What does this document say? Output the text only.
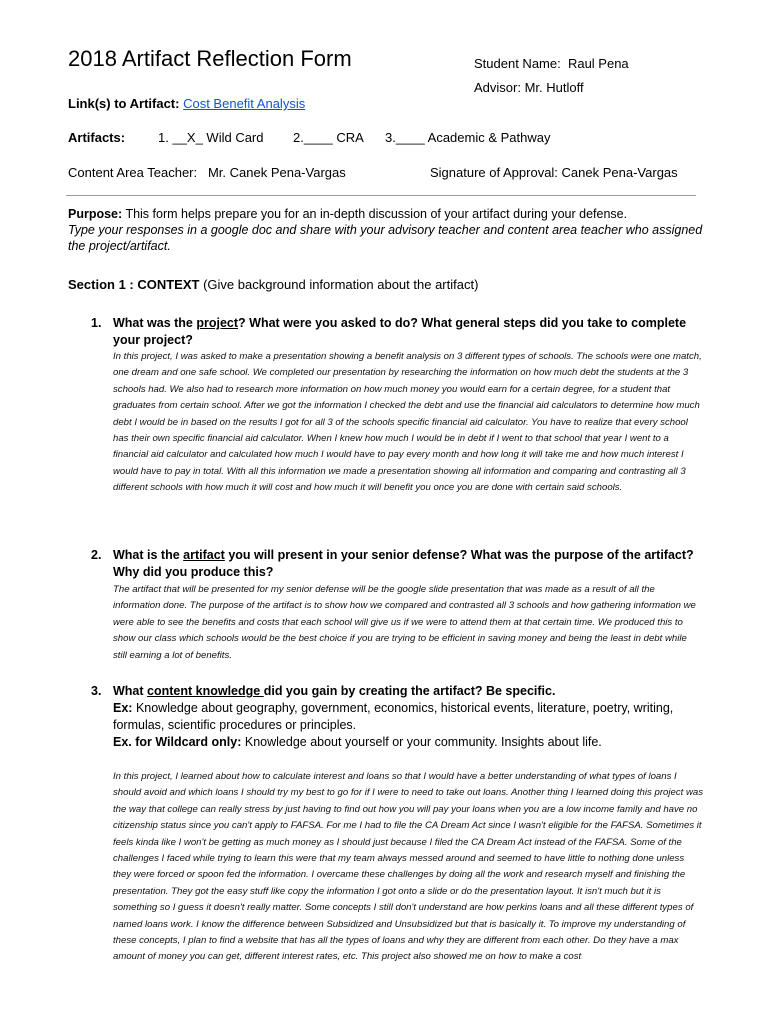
2018 Artifact Reflection Form	Student Name: Raul Pena
Advisor: Mr. Hutloff
Link(s) to Artifact: Cost Benefit Analysis
Artifacts:	1. __X_ Wild Card 2.____ CRA 3.____ Academic & Pathway
Content Area Teacher: Mr. Canek Pena-Vargas	Signature of Approval: Canek Pena-Vargas
Purpose: This form helps prepare you for an in-depth discussion of your artifact during your defense.
Type your responses in a google doc and share with your advisory teacher and content area teacher who assigned the project/artifact.
Section 1 : CONTEXT (Give background information about the artifact)
1. What was the project? What were you asked to do? What general steps did you take to complete your project?
In this project, I was asked to make a presentation showing a benefit analysis on 3 different types of schools. The schools were one match, one dream and one safe school. We completed our presentation by researching the information on how much debt the students at the 3 schools had. We also had to research more information on how much money you would earn for a certain degree, for a student that graduates from certain school. After we got the information I checked the debt and use the financial aid calculators to determine how much debt I would be in based on the results I got for all 3 of the schools specific financial aid calculator. You have to realize that every school has their own specific financial aid calculator. When I knew how much I would be in debt if I went to that school that year I went to a financial aid calculator and calculated how much I would have to pay every month and how long it will take me and how much interest I would have to pay in total. With all this information we made a presentation showing all information and comparing and contrasting all 3 different schools with how much it will cost and how much it will benefit you once you are done with certain said schools.
2. What is the artifact you will present in your senior defense? What was the purpose of the artifact? Why did you produce this?
The artifact that will be presented for my senior defense will be the google slide presentation that was made as a result of all the information done. The purpose of the artifact is to show how we compared and contrasted all 3 schools and how gathering information we were able to see the benefits and costs that each school will give us if we were to attend them at that certain time. We produced this to show our class which schools would be the best choice if you are trying to be efficient in saving money and being the least in debt while still earning a lot of benefits.
3. What content knowledge did you gain by creating the artifact? Be specific.
Ex: Knowledge about geography, government, economics, historical events, literature, poetry, writing, formulas, scientific procedures or principles.
Ex. for Wildcard only: Knowledge about yourself or your community. Insights about life.
In this project, I learned about how to calculate interest and loans so that I would have a better understanding of what types of loans I should avoid and which loans I should try my best to go for if I were to need to take out loans. Another thing I learned doing this project was the way that college can really stress by just having to find out how you will pay your loans when you are a low income family and have no citizenship status since you can't apply to FAFSA. For me I had to file the CA Dream Act since I wasn't eligible for the FAFSA. Sometimes it feels kinda like I won't be getting as much money as I should just because I filed the CA Dream Act instead of the FAFSA. Some of the challenges I faced while trying to learn this were that my team always messed around and seemed to have little to nothing done unless they were forced or spoon fed the information. I overcame these challenges by doing all the work and research myself and finishing the presentation. They got the easy stuff like copy the information I got onto a slide or do the presentation layout. It isn't much but it is something so I guess it doesn't really matter. Some concepts I still don't understand are how perkins loans and all these different types of named loans work. I know the difference between Subsidized and Unsubsidized but that is basically it. To improve my understanding of these concepts, I plan to find a website that has all the types of loans and why they are different from each other. Do they have a max amount of money you can get, different interest rates, etc. This project also showed me on how to make a cost
